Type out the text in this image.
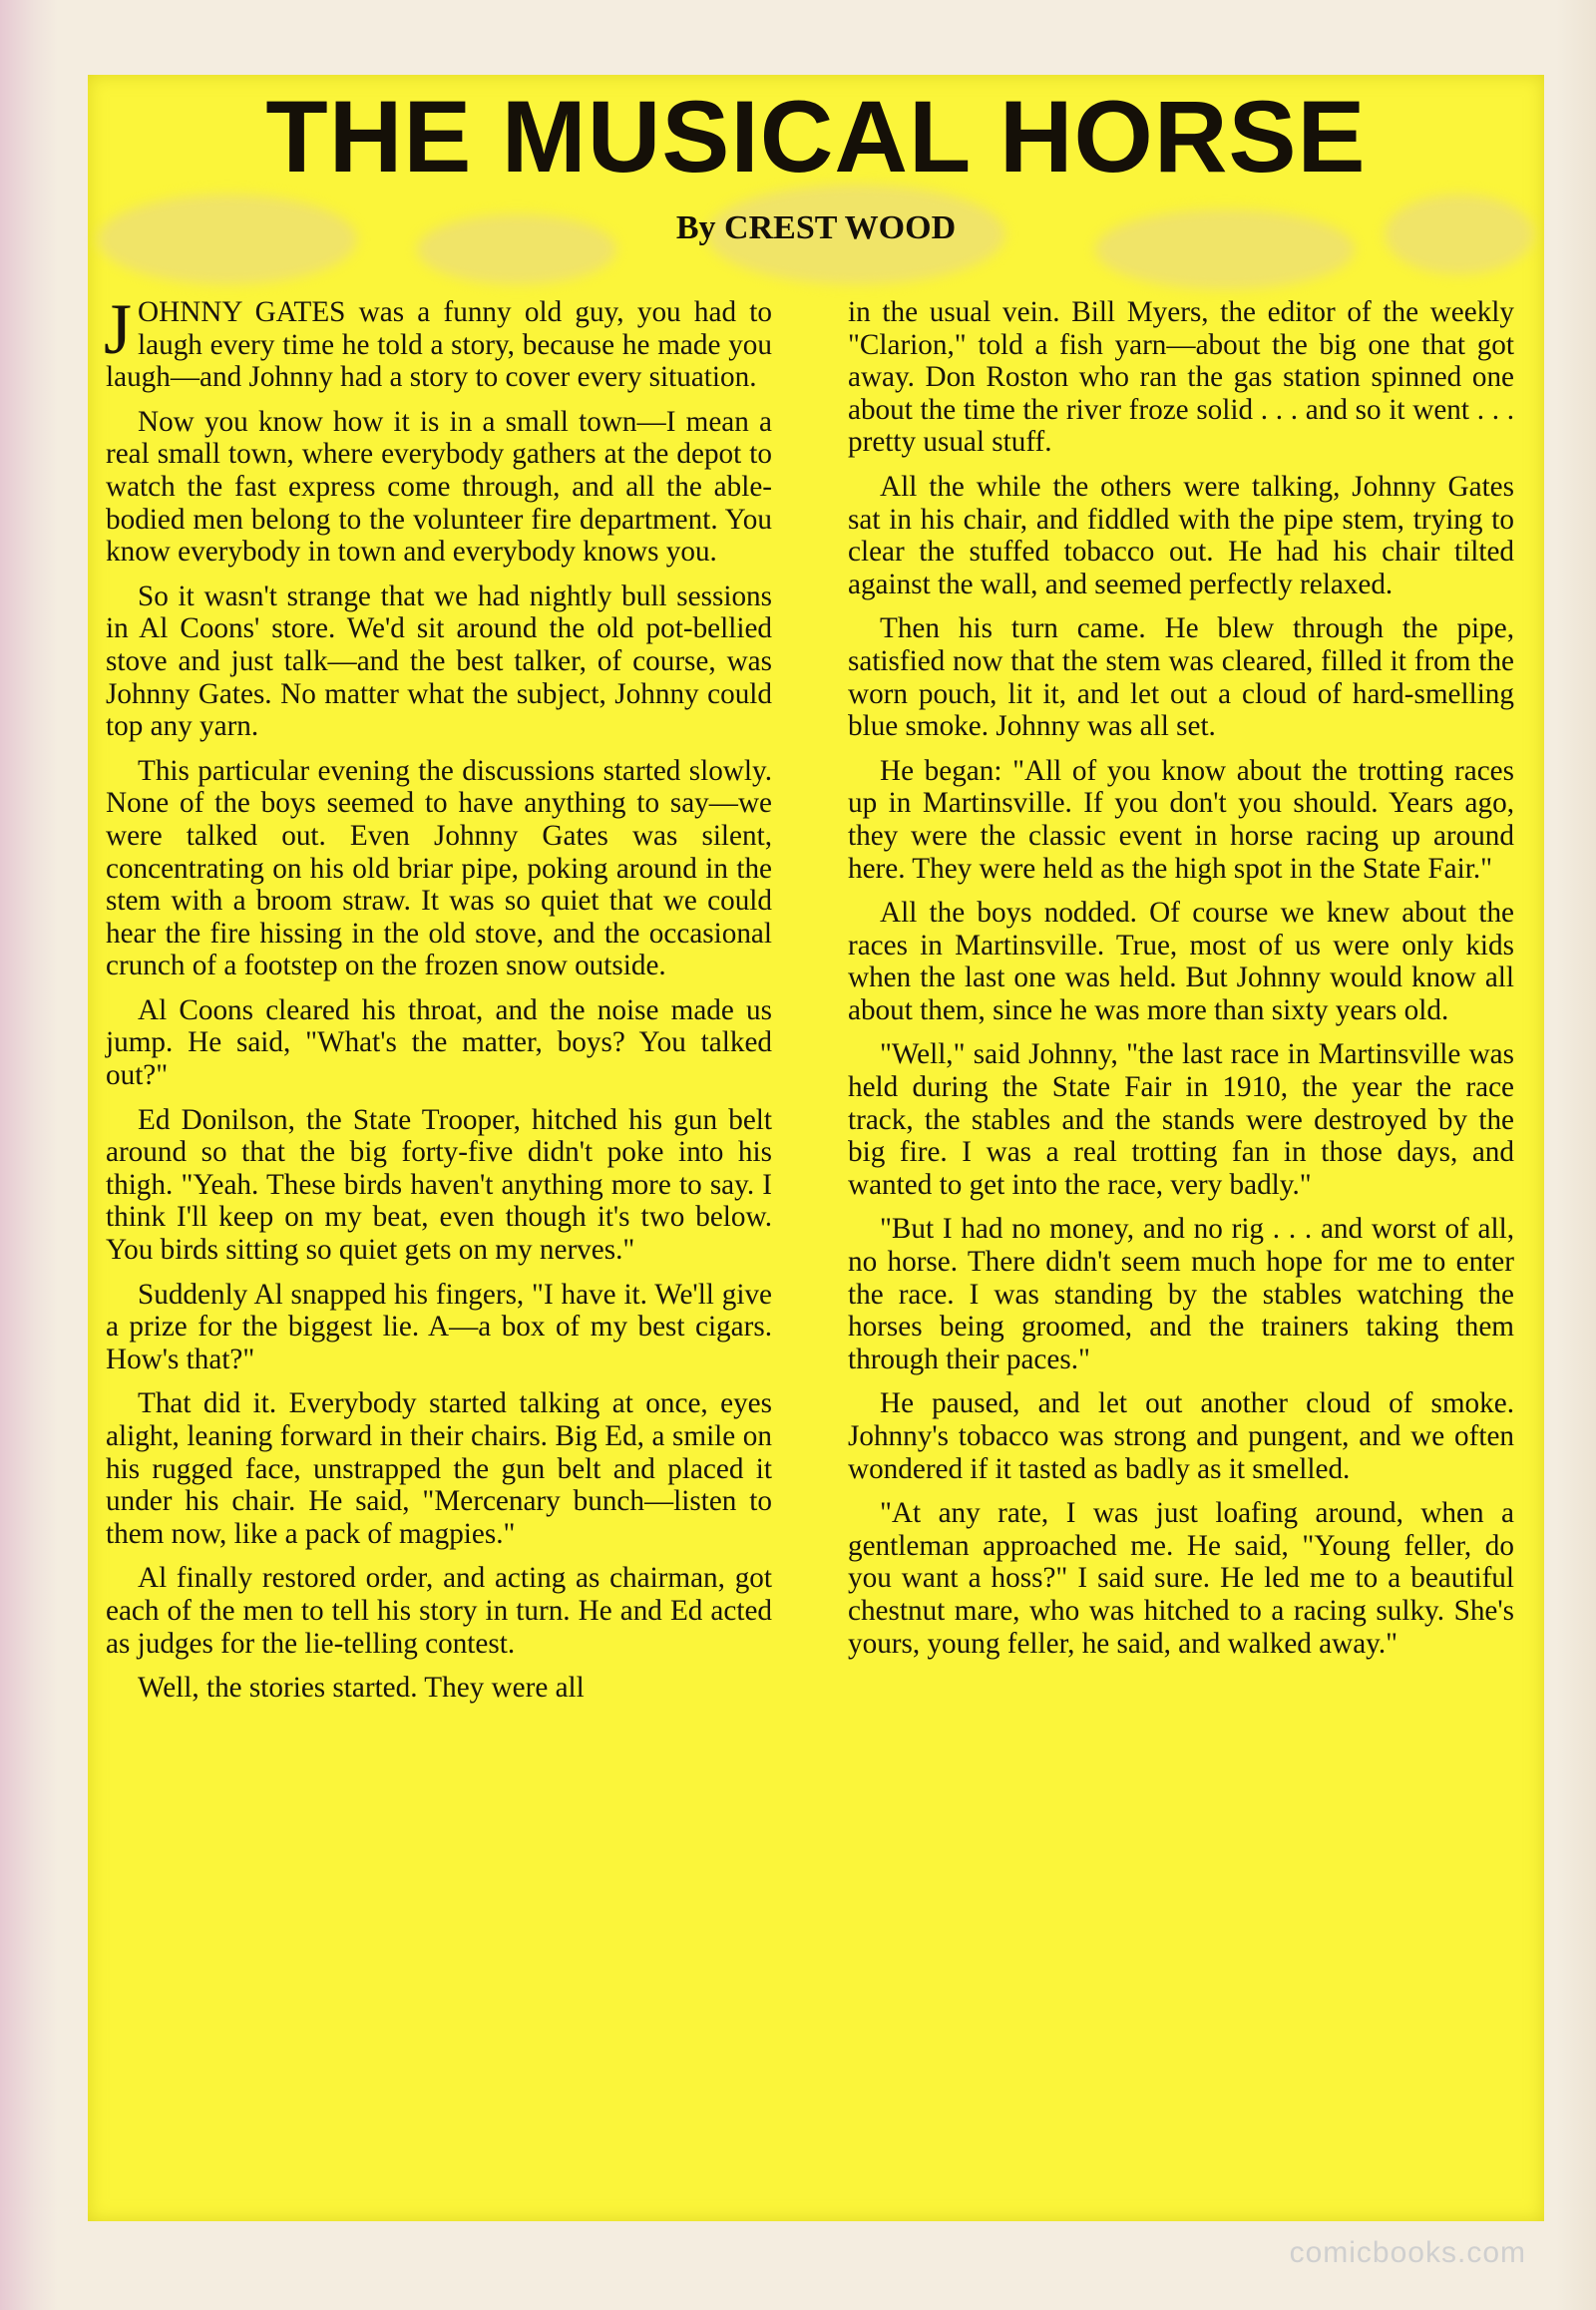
THE MUSICAL HORSE
By CREST WOOD

JOHNNY GATES was a funny old guy, you had to laugh every time he told a story, because he made you laugh—and Johnny had a story to cover every situation.

Now you know how it is in a small town—I mean a real small town, where everybody gathers at the depot to watch the fast express come through, and all the able-bodied men belong to the volunteer fire department. You know everybody in town and everybody knows you.

So it wasn't strange that we had nightly bull sessions in Al Coons' store. We'd sit around the old pot-bellied stove and just talk—and the best talker, of course, was Johnny Gates. No matter what the subject, Johnny could top any yarn.

This particular evening the discussions started slowly. None of the boys seemed to have anything to say—we were talked out. Even Johnny Gates was silent, concentrating on his old briar pipe, poking around in the stem with a broom straw. It was so quiet that we could hear the fire hissing in the old stove, and the occasional crunch of a footstep on the frozen snow outside.

Al Coons cleared his throat, and the noise made us jump. He said, "What's the matter, boys? You talked out?"

Ed Donilson, the State Trooper, hitched his gun belt around so that the big forty-five didn't poke into his thigh. "Yeah. These birds haven't anything more to say. I think I'll keep on my beat, even though it's two below. You birds sitting so quiet gets on my nerves."

Suddenly Al snapped his fingers, "I have it. We'll give a prize for the biggest lie. A—a box of my best cigars. How's that?"

That did it. Everybody started talking at once, eyes alight, leaning forward in their chairs. Big Ed, a smile on his rugged face, unstrapped the gun belt and placed it under his chair. He said, "Mercenary bunch—listen to them now, like a pack of magpies."

Al finally restored order, and acting as chairman, got each of the men to tell his story in turn. He and Ed acted as judges for the lie-telling contest.

Well, the stories started. They were all

in the usual vein. Bill Myers, the editor of the weekly "Clarion," told a fish yarn—about the big one that got away. Don Roston who ran the gas station spinned one about the time the river froze solid . . . and so it went . . . pretty usual stuff.

All the while the others were talking, Johnny Gates sat in his chair, and fiddled with the pipe stem, trying to clear the stuffed tobacco out. He had his chair tilted against the wall, and seemed perfectly relaxed.

Then his turn came. He blew through the pipe, satisfied now that the stem was cleared, filled it from the worn pouch, lit it, and let out a cloud of hard-smelling blue smoke. Johnny was all set.

He began: "All of you know about the trotting races up in Martinsville. If you don't you should. Years ago, they were the classic event in horse racing up around here. They were held as the high spot in the State Fair."

All the boys nodded. Of course we knew about the races in Martinsville. True, most of us were only kids when the last one was held. But Johnny would know all about them, since he was more than sixty years old.

"Well," said Johnny, "the last race in Martinsville was held during the State Fair in 1910, the year the race track, the stables and the stands were destroyed by the big fire. I was a real trotting fan in those days, and wanted to get into the race, very badly."

"But I had no money, and no rig . . . and worst of all, no horse. There didn't seem much hope for me to enter the race. I was standing by the stables watching the horses being groomed, and the trainers taking them through their paces."

He paused, and let out another cloud of smoke. Johnny's tobacco was strong and pungent, and we often wondered if it tasted as badly as it smelled.

"At any rate, I was just loafing around, when a gentleman approached me. He said, "Young feller, do you want a hoss?" I said sure. He led me to a beautiful chestnut mare, who was hitched to a racing sulky. She's yours, young feller, he said, and walked away."

comicbooks.com
